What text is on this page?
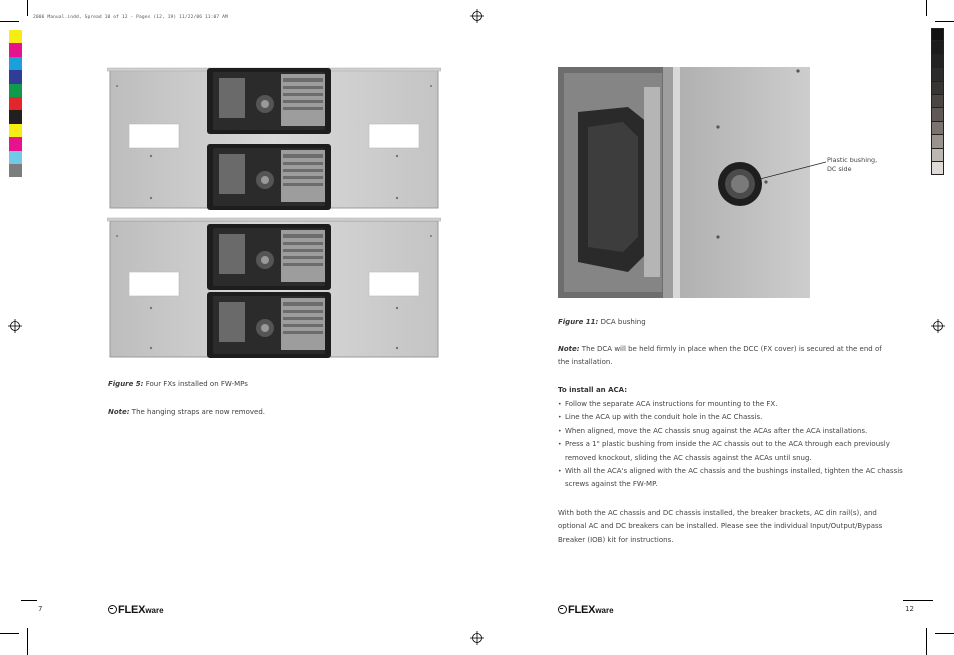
2006 Manual.indd, Spread 10 of 12 - Pages (12, 19) 11/22/06 11:07 AM
Figure 5: Four FXs installed on FW-MPs
Note: The hanging straps are now removed.
Plastic bushing,
DC side
Figure 11: DCA bushing
Note: The DCA will be held firmly in place when the DCC (FX cover) is secured at the end of
the installation.
To install an ACA:
• Follow the separate ACA instructions for mounting to the FX.
• Line the ACA up with the conduit hole in the AC Chassis.
• When aligned, move the AC chassis snug against the ACAs after the ACA installations.
• Press a 1" plastic bushing from inside the AC chassis out to the ACA through each previously
removed knockout, sliding the AC chassis against the ACAs until snug.
• With all the ACA's aligned with the AC chassis and the bushings installed, tighten the AC chassis
screws against the FW-MP.
With both the AC chassis and DC chassis installed, the breaker brackets, AC din rail(s), and
optional AC and DC breakers can be installed. Please see the individual Input/Output/Bypass
Breaker (IOB) kit for instructions.
7	FLEXware	FLEXware	12
